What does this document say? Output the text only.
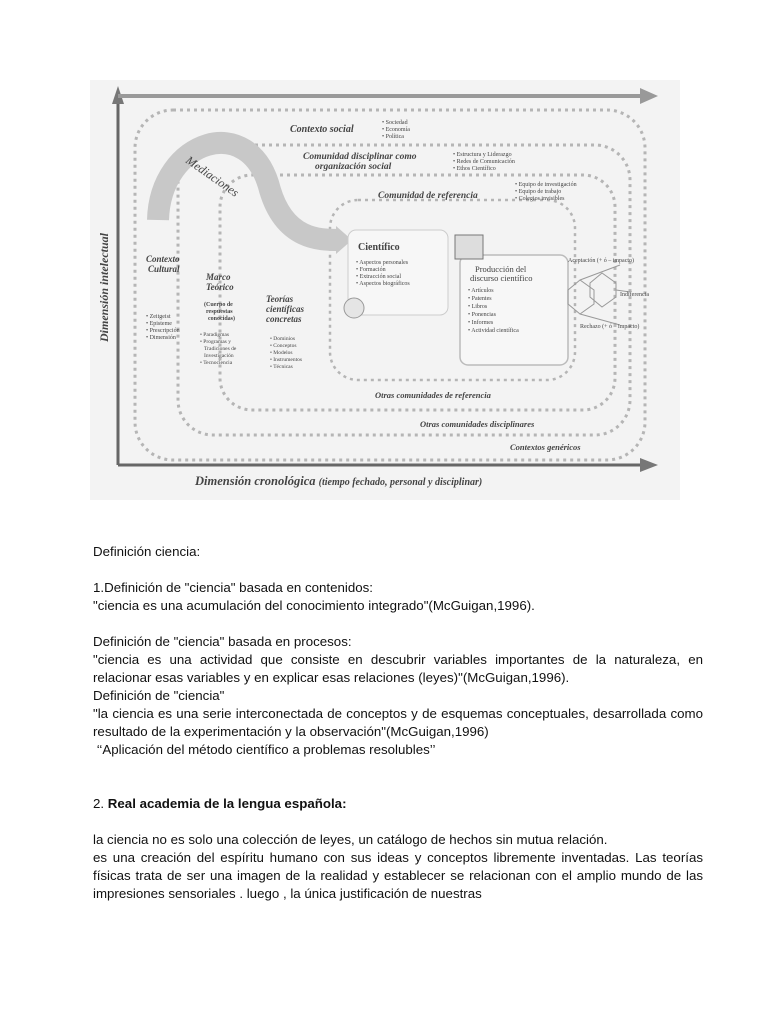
Mediaciones
Dimensión intelectual
Dimensión cronológica (tiempo fechado, personal y disciplinar)
Contexto social
• Sociedad • Economía • Política
Comunidad disciplinar como organización social
• Estructura y Liderazgo • Redes de Comunicación • Ethos Científico
Comunidad de referencia
• Equipo de investigación • Equipo de trabajo • Colegios invisibles
Contexto Cultural
• Zeitgeist • Episteme • Prescripción • Dimensión
Marco Teórico
(Cuerpo de respuestas conocidas)
• Paradigmas • Programas y Tradiciones de Investigación • Tecnociencia
Teorías científicas concretas
• Dominios • Conceptos • Modelos • Instrumentos • Técnicas
Científico
• Aspectos personales • Formación • Extracción social • Aspectos biográficos
Producción del discurso científico
• Artículos • Patentes • Libros • Ponencias • Informes • Actividad científica
Aceptación (+ ó – impacto)
Indiferencia
Rechazo (+ ó – impacto)
Otras comunidades de referencia
Otras comunidades disciplinares
Contextos genéricos

Definición ciencia:

1.Definición de "ciencia" basada en contenidos:

"ciencia es una acumulación del conocimiento integrado"(McGuigan,1996).

Definición de "ciencia" basada en procesos:

"ciencia es una actividad que consiste en descubrir variables importantes de la naturaleza, en relacionar esas variables y en explicar esas relaciones (leyes)"(McGuigan,1996).

Definición de "ciencia"

"la ciencia es una serie interconectada de conceptos y de esquemas conceptuales, desarrollada como resultado de la experimentación y la observación"(McGuigan,1996)

‘‘Aplicación del método científico a problemas resolubles’’

2. Real academia de la lengua española:

la ciencia no es solo una colección de leyes, un catálogo de hechos sin mutua relación.

es una creación del espíritu humano con sus ideas y conceptos libremente inventadas. Las teorías físicas trata de ser una imagen de la realidad y establecer se relacionan con el amplio mundo de las impresiones sensoriales . luego , la única justificación de nuestras
